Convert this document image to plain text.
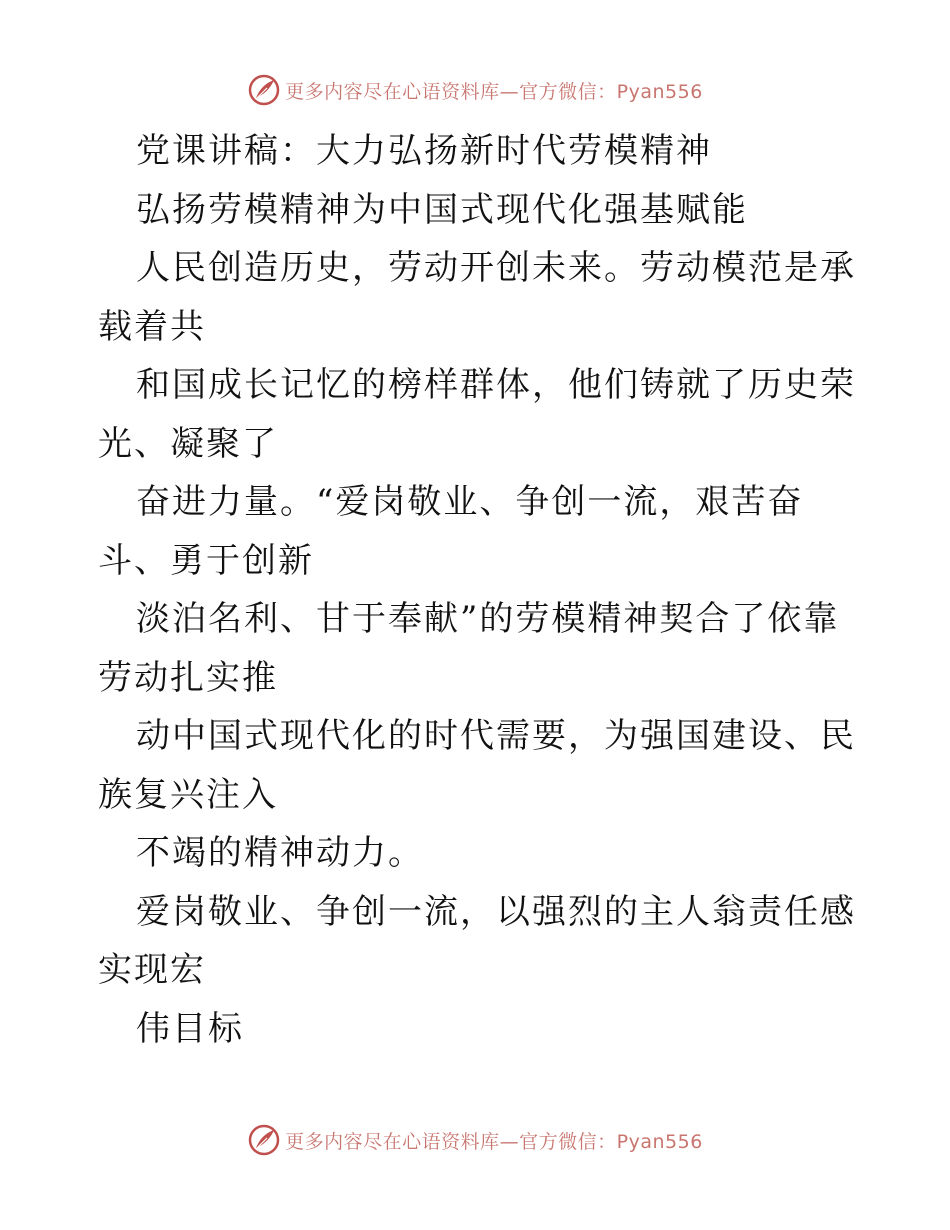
更多内容尽在心语资料库—官方微信：Pyan556

党课讲稿：大力弘扬新时代劳模精神

弘扬劳模精神为中国式现代化强基赋能

人民创造历史，劳动开创未来。劳动模范是承载着共

和国成长记忆的榜样群体，他们铸就了历史荣光、凝聚了

奋进力量。“爱岗敬业、争创一流，艰苦奋斗、勇于创新

淡泊名利、甘于奉献”的劳模精神契合了依靠劳动扎实推

动中国式现代化的时代需要，为强国建设、民族复兴注入

不竭的精神动力。

爱岗敬业、争创一流，以强烈的主人翁责任感实现宏

伟目标

更多内容尽在心语资料库—官方微信：Pyan556
